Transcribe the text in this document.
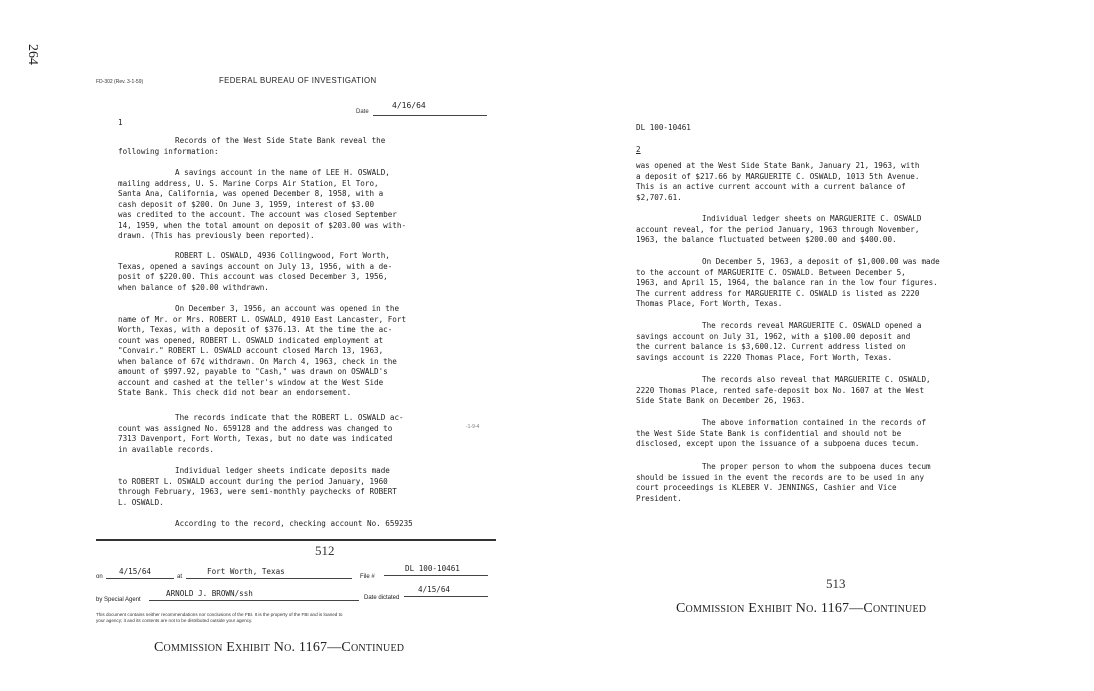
264
FD-302 (Rev. 3-1-59)	FEDERAL BUREAU OF INVESTIGATION
Date
4/16/64
1
Records of the West Side State Bank reveal the
following information:
A savings account in the name of LEE H. OSWALD,
mailing address, U. S. Marine Corps Air Station, El Toro,
Santa Ana, California, was opened December 8, 1958, with a
cash deposit of $200. On June 3, 1959, interest of $3.00
was credited to the account. The account was closed September
14, 1959, when the total amount on deposit of $203.00 was with-
drawn. (This has previously been reported).
ROBERT L. OSWALD, 4936 Collingwood, Fort Worth,
Texas, opened a savings account on July 13, 1956, with a de-
posit of $220.00. This account was closed December 3, 1956,
when balance of $20.00 withdrawn.
On December 3, 1956, an account was opened in the
name of Mr. or Mrs. ROBERT L. OSWALD, 4910 East Lancaster, Fort
Worth, Texas, with a deposit of $376.13. At the time the ac-
count was opened, ROBERT L. OSWALD indicated employment at
"Convair." ROBERT L. OSWALD account closed March 13, 1963,
when balance of 67¢ withdrawn. On March 4, 1963, check in the
amount of $997.92, payable to "Cash," was drawn on OSWALD's
account and cashed at the teller's window at the West Side
State Bank. This check did not bear an endorsement.
The records indicate that the ROBERT L. OSWALD ac-
count was assigned No. 659128 and the address was changed to
7313 Davenport, Fort Worth, Texas, but no date was indicated
in available records.
-1-9-4
Individual ledger sheets indicate deposits made
to ROBERT L. OSWALD account during the period January, 1960
through February, 1963, were semi-monthly paychecks of ROBERT
L. OSWALD.
According to the record, checking account No. 659235
512
on
4/15/64
at
Fort Worth, Texas
File #
DL 100-10461
by Special Agent
ARNOLD J. BROWN/ssh	Date dictated
4/15/64
This document contains neither recommendations nor conclusions of the FBI. It is the property of the FBI and is loaned to
your agency; it and its contents are not to be distributed outside your agency.
Commission Exhibit No. 1167—Continued
DL 100-10461
2
was opened at the West Side State Bank, January 21, 1963, with
a deposit of $217.66 by MARGUERITE C. OSWALD, 1013 5th Avenue.
This is an active current account with a current balance of
$2,707.61.
Individual ledger sheets on MARGUERITE C. OSWALD
account reveal, for the period January, 1963 through November,
1963, the balance fluctuated between $200.00 and $400.00.
On December 5, 1963, a deposit of $1,000.00 was made
to the account of MARGUERITE C. OSWALD. Between December 5,
1963, and April 15, 1964, the balance ran in the low four figures.
The current address for MARGUERITE C. OSWALD is listed as 2220
Thomas Place, Fort Worth, Texas.
The records reveal MARGUERITE C. OSWALD opened a
savings account on July 31, 1962, with a $100.00 deposit and
the current balance is $3,600.12. Current address listed on
savings account is 2220 Thomas Place, Fort Worth, Texas.
The records also reveal that MARGUERITE C. OSWALD,
2220 Thomas Place, rented safe-deposit box No. 1607 at the West
Side State Bank on December 26, 1963.
The above information contained in the records of
the West Side State Bank is confidential and should not be
disclosed, except upon the issuance of a subpoena duces tecum.
The proper person to whom the subpoena duces tecum
should be issued in the event the records are to be used in any
court proceedings is KLEBER V. JENNINGS, Cashier and Vice
President.
513
Commission Exhibit No. 1167—Continued
